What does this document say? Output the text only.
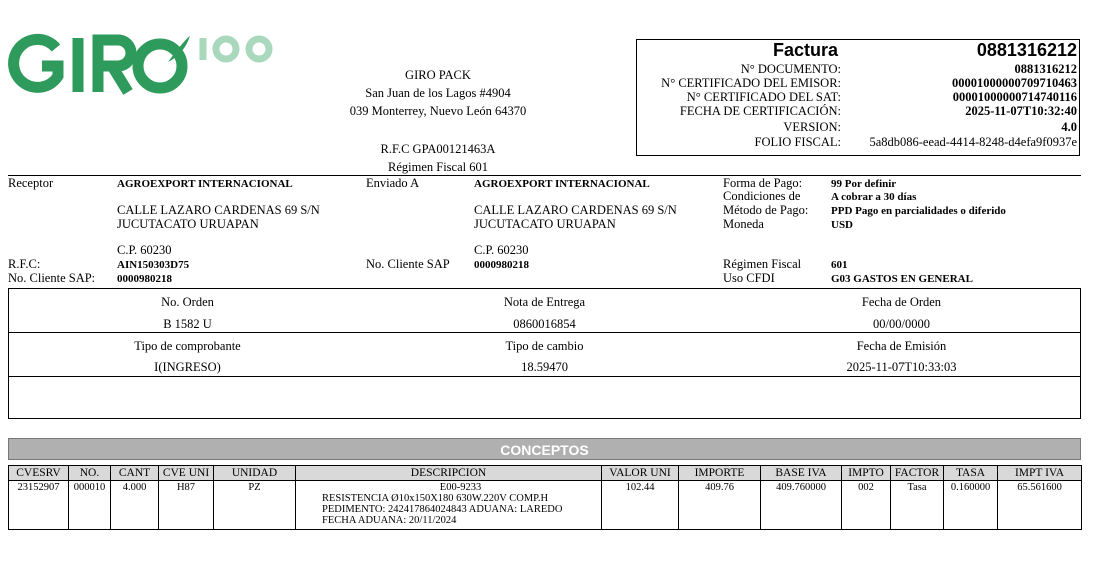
GIRO PACK
San Juan de los Lagos #4904
039 Monterrey, Nuevo León 64370
R.F.C GPA00121463A
Régimen Fiscal 601
Factura	0881316212
N° DOCUMENTO:	0881316212
N° CERTIFICADO DEL EMISOR:	00001000000709710463
N° CERTIFICADO DEL SAT:	00001000000714740116
FECHA DE CERTIFICACIÓN:	2025-11-07T10:32:40
VERSION:	4.0
FOLIO FISCAL: 5a8db086-eead-4414-8248-d4efa9f0937e
Receptor	AGROEXPORT INTERNACIONAL
CALLE LAZARO CARDENAS 69 S/N
JUCUTACATO URUAPAN
C.P. 60230
R.F.C:	AIN150303D75
No. Cliente SAP: 0000980218
Enviado A	AGROEXPORT INTERNACIONAL
CALLE LAZARO CARDENAS 69 S/N
JUCUTACATO URUAPAN
C.P. 60230
No. Cliente SAP 0000980218
Forma de Pago:	99 Por definir
Condiciones de	A cobrar a 30 días
Método de Pago: PPD Pago en parcialidades o diferido
Moneda	USD
Régimen Fiscal	601
Uso CFDI	G03 GASTOS EN GENERAL
No. Orden	Nota de Entrega	Fecha de Orden
B 1582 U	0860016854	00/00/0000
Tipo de comprobante	Tipo de cambio	Fecha de Emisión
I(INGRESO)	18.59470	2025-11-07T10:33:03
CONCEPTOS
CVESRV	NO.	CANT	CVE UNI	UNIDAD	DESCRIPCION	VALOR UNI	IMPORTE	BASE IVA	IMPTO	FACTOR	TASA	IMPT IVA
23152907	000010	4.000	H87	PZ	E00-9233
RESISTENCIA Ø10x150X180 630W.220V COMP.H
PEDIMENTO: 242417864024843 ADUANA: LAREDO
FECHA ADUANA: 20/11/2024	102.44	409.76	409.760000	002	Tasa	0.160000	65.561600
